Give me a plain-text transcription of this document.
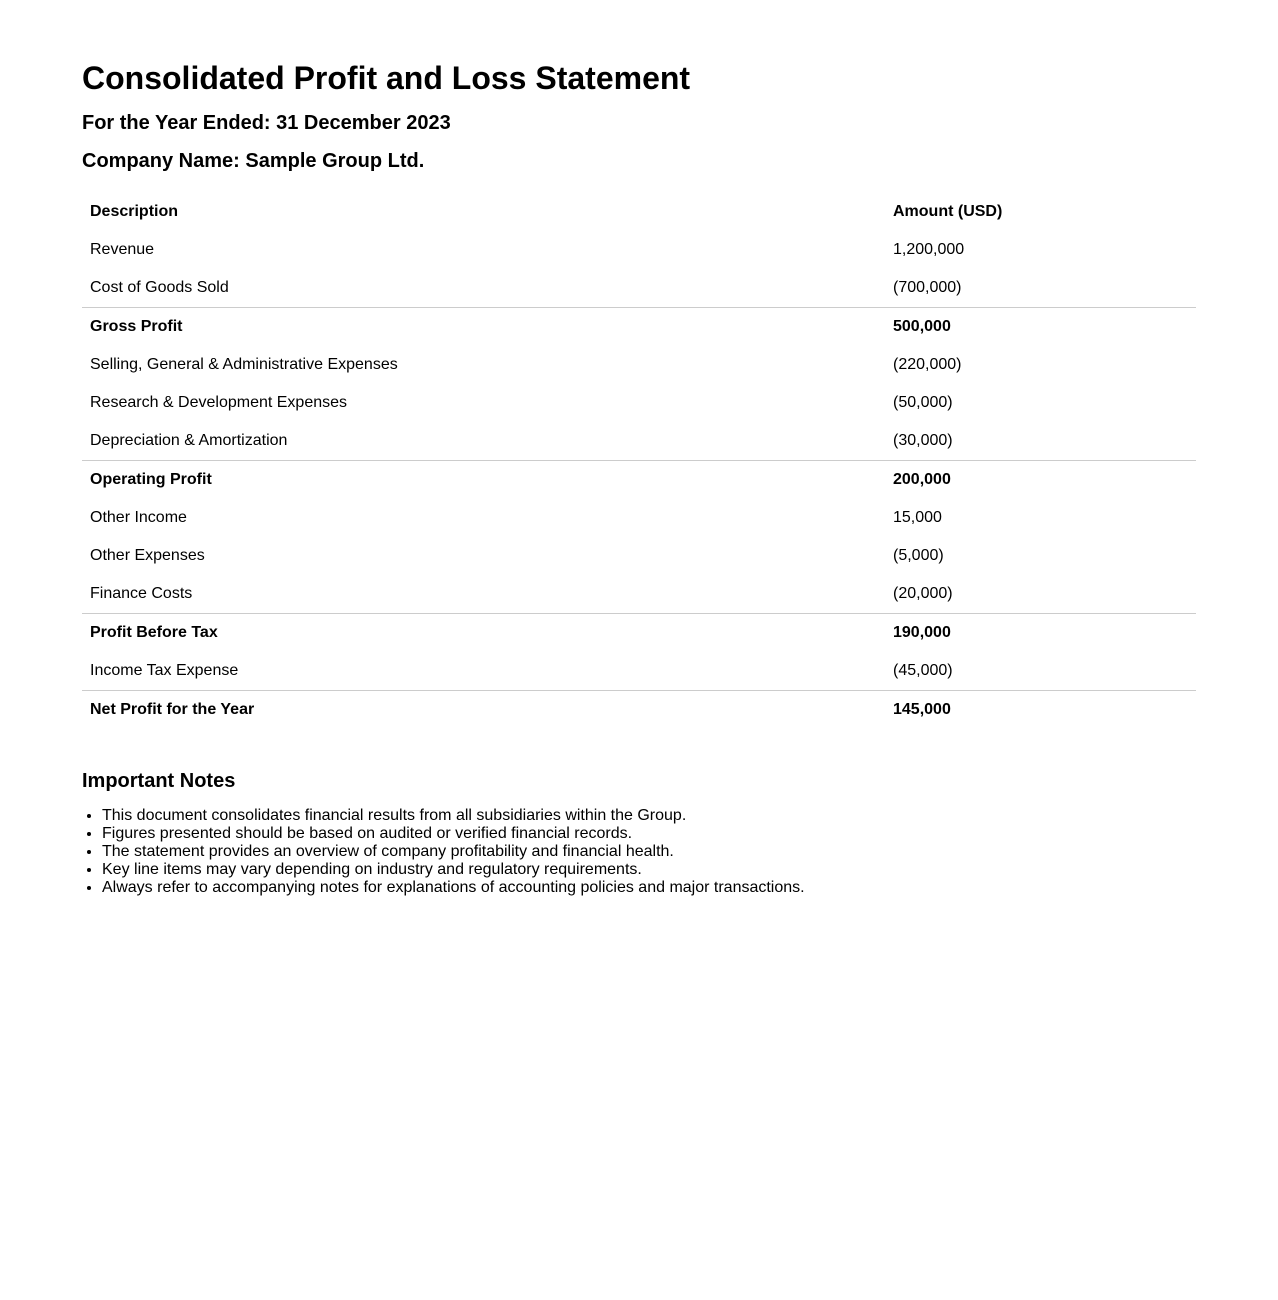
Consolidated Profit and Loss Statement
For the Year Ended: 31 December 2023
Company Name: Sample Group Ltd.
Description	Amount (USD)
Revenue	1,200,000
Cost of Goods Sold	(700,000)
Gross Profit	500,000
Selling, General & Administrative Expenses	(220,000)
Research & Development Expenses	(50,000)
Depreciation & Amortization	(30,000)
Operating Profit	200,000
Other Income	15,000
Other Expenses	(5,000)
Finance Costs	(20,000)
Profit Before Tax	190,000
Income Tax Expense	(45,000)
Net Profit for the Year	145,000
Important Notes
• This document consolidates financial results from all subsidiaries within the Group.
• Figures presented should be based on audited or verified financial records.
• The statement provides an overview of company profitability and financial health.
• Key line items may vary depending on industry and regulatory requirements.
• Always refer to accompanying notes for explanations of accounting policies and major transactions.
